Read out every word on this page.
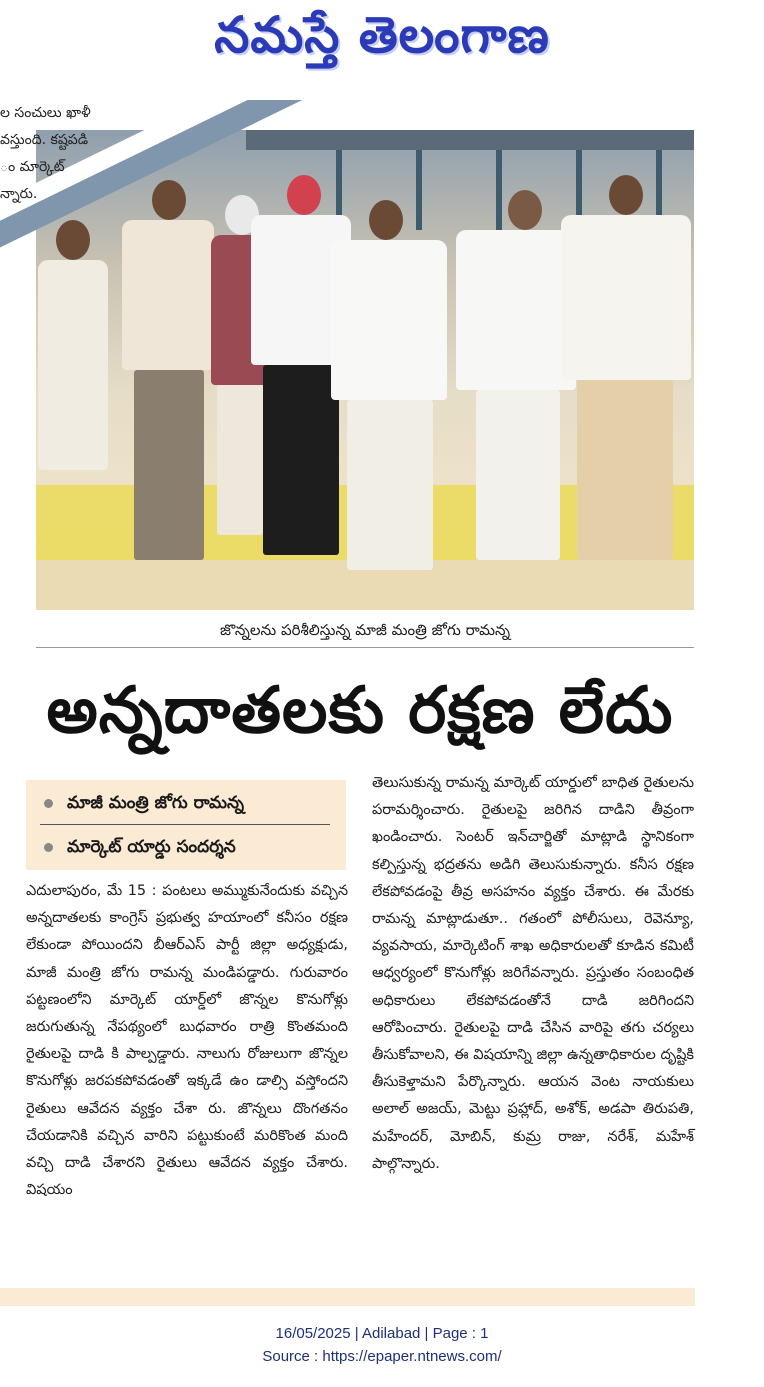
నమస్తే తెలంగాణ
ల సంచులు ఖాళీ
వస్తుంది. కష్టపడి
ం మార్కెట్
న్నారు.
జొన్నలను పరిశీలిస్తున్న మాజీ మంత్రి జోగు రామన్న
అన్నదాతలకు రక్షణ లేదు
మాజీ మంత్రి జోగు రామన్న
మార్కెట్ యార్డు సందర్శన

ఎదులాపురం, మే 15 : పంటలు అమ్ముకునేందుకు వచ్చిన అన్నదాతలకు కాంగ్రెస్ ప్రభుత్వ హయాంలో కనీసం రక్షణ లేకుండా పోయిందని బీఆర్ఎస్ పార్టీ జిల్లా అధ్యక్షుడు, మాజీ మంత్రి జోగు రామన్న మండిపడ్డారు. గురువారం పట్టణంలోని మార్కెట్ యార్డ్‌లో జొన్నల కొనుగోళ్లు జరుగుతున్న నేపథ్యంలో బుధవారం రాత్రి కొంతమంది రైతులపై దాడి కి పాల్పడ్డారు. నాలుగు రోజులుగా జొన్నల కొనుగోళ్లు జరపకపోవడంతో ఇక్కడే ఉం డాల్సి వస్తోందని రైతులు ఆవేదన వ్యక్తం చేశా రు. జొన్నలు దొంగతనం చేయడానికి వచ్చిన వారిని పట్టుకుంటే మరికొంత మంది వచ్చి దాడి చేశారని రైతులు ఆవేదన వ్యక్తం చేశారు. విషయం

తెలుసుకున్న రామన్న మార్కెట్ యార్డులో బాధిత రైతులను పరామర్శించారు. రైతులపై జరిగిన దాడిని తీవ్రంగా ఖండించారు. సెంటర్ ఇన్‌చార్జితో మాట్లాడి స్థానికంగా కల్పిస్తున్న భద్రతను అడిగి తెలుసుకున్నారు. కనీస రక్షణ లేకపోవడంపై తీవ్ర అసహనం వ్యక్తం చేశారు. ఈ మేరకు రామన్న మాట్లాడుతూ.. గతంలో పోలీసులు, రెవెన్యూ, వ్యవసాయ, మార్కెటింగ్ శాఖ అధికారులతో కూడిన కమిటీ ఆధ్వర్యంలో కొనుగోళ్లు జరిగేవన్నారు. ప్రస్తుతం సంబంధిత అధికారులు లేకపోవడంతోనే దాడి జరిగిందని ఆరోపించారు. రైతులపై దాడి చేసిన వారిపై తగు చర్యలు తీసుకోవాలని, ఈ విషయాన్ని జిల్లా ఉన్నతాధికారుల దృష్టికి తీసుకెళ్తామని పేర్కొన్నారు. ఆయన వెంట నాయకులు అలాల్ అజయ్, మెట్టు ప్రహ్లాద్, అశోక్, అడపా తిరుపతి, మహేందర్, మోబిన్, కుమ్ర రాజు, నరేశ్, మహేశ్ పాల్గొన్నారు.

16/05/2025 | Adilabad | Page : 1
Source : https://epaper.ntnews.com/
